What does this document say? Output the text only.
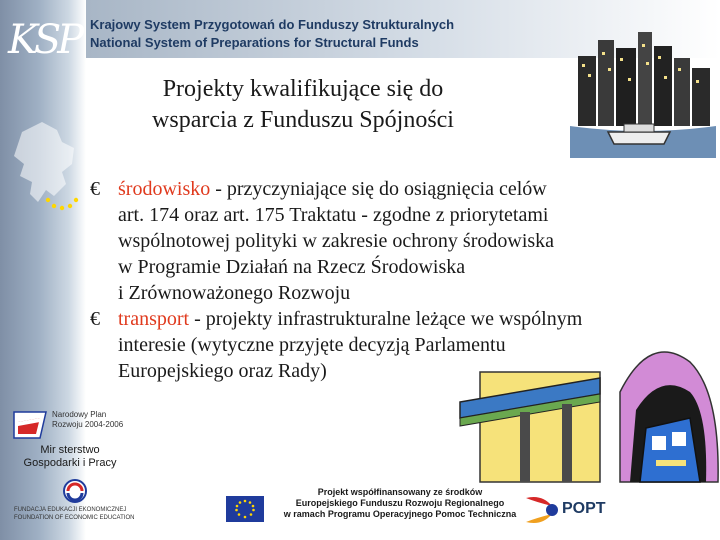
KSP Krajowy System Przygotowań do Funduszy Strukturalnych
National System of Preparations for Structural Funds
Projekty kwalifikujące się do
wsparcia z Funduszu Spójności
€ środowisko - przyczyniające się do osiągnięcia celów
art. 174 oraz art. 175 Traktatu - zgodne z priorytetami
wspólnotowej polityki w zakresie ochrony środowiska
w Programie Działań na Rzecz Środowiska
i Zrównoważonego Rozwoju
€ transport - projekty infrastrukturalne leżące we wspólnym
interesie (wytyczne przyjęte decyzją Parlamentu
Europejskiego oraz Rady)
Narodowy Plan
Rozwoju 2004-2006
Mir sterstwo
Gospodarki i Pracy
FUNDACJA EDUKACJI EKONOMICZNEJ
FOUNDATION OF ECONOMIC EDUCATION
Projekt współfinansowany ze środków
Europejskiego Funduszu Rozwoju Regionalnego
w ramach Programu Operacyjnego Pomoc Techniczna	POPT
